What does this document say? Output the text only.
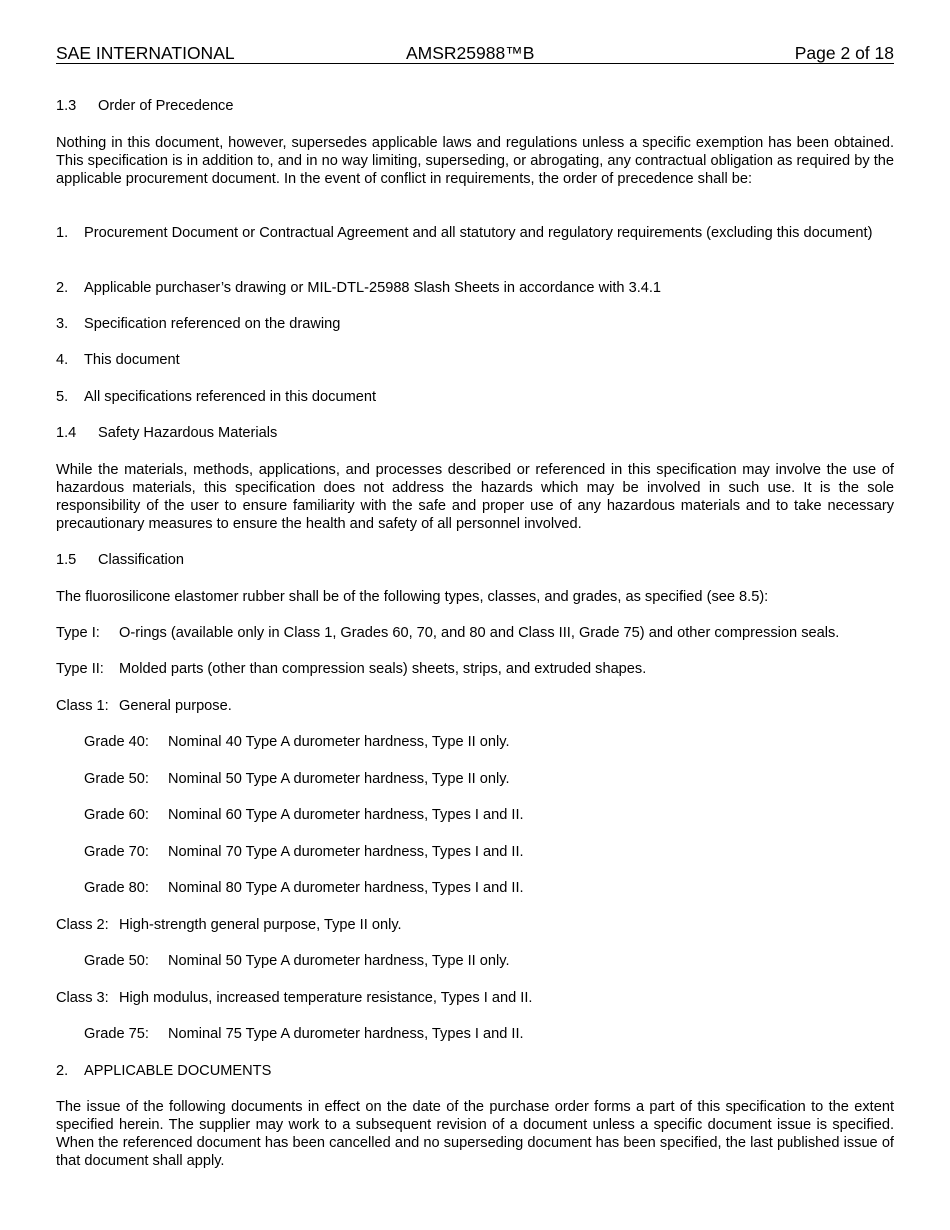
SAE INTERNATIONAL	AMSR25988™B	Page 2 of 18
1.3 Order of Precedence
Nothing in this document, however, supersedes applicable laws and regulations unless a specific exemption has been obtained. This specification is in addition to, and in no way limiting, superseding, or abrogating, any contractual obligation as required by the applicable procurement document. In the event of conflict in requirements, the order of precedence shall be:
1. Procurement Document or Contractual Agreement and all statutory and regulatory requirements (excluding this document)
2. Applicable purchaser’s drawing or MIL-DTL-25988 Slash Sheets in accordance with 3.4.1
3. Specification referenced on the drawing
4. This document
5. All specifications referenced in this document
1.4 Safety Hazardous Materials
While the materials, methods, applications, and processes described or referenced in this specification may involve the use of hazardous materials, this specification does not address the hazards which may be involved in such use. It is the sole responsibility of the user to ensure familiarity with the safe and proper use of any hazardous materials and to take necessary precautionary measures to ensure the health and safety of all personnel involved.
1.5 Classification
The fluorosilicone elastomer rubber shall be of the following types, classes, and grades, as specified (see 8.5):
Type I: O-rings (available only in Class 1, Grades 60, 70, and 80 and Class III, Grade 75) and other compression seals.
Type II: Molded parts (other than compression seals) sheets, strips, and extruded shapes.
Class 1: General purpose.
Grade 40: Nominal 40 Type A durometer hardness, Type II only.
Grade 50: Nominal 50 Type A durometer hardness, Type II only.
Grade 60: Nominal 60 Type A durometer hardness, Types I and II.
Grade 70: Nominal 70 Type A durometer hardness, Types I and II.
Grade 80: Nominal 80 Type A durometer hardness, Types I and II.
Class 2: High-strength general purpose, Type II only.
Grade 50: Nominal 50 Type A durometer hardness, Type II only.
Class 3: High modulus, increased temperature resistance, Types I and II.
Grade 75: Nominal 75 Type A durometer hardness, Types I and II.
2. APPLICABLE DOCUMENTS
The issue of the following documents in effect on the date of the purchase order forms a part of this specification to the extent specified herein. The supplier may work to a subsequent revision of a document unless a specific document issue is specified. When the referenced document has been cancelled and no superseding document has been specified, the last published issue of that document shall apply.
